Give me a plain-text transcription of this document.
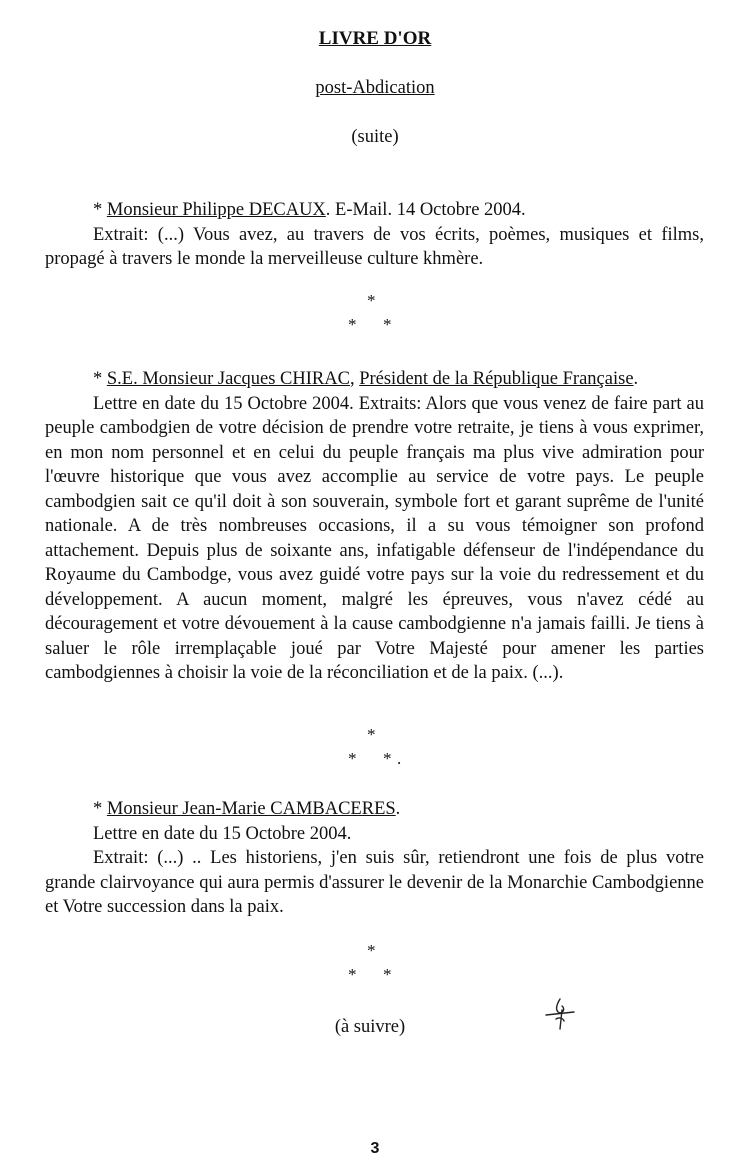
LIVRE D'OR
post-Abdication
(suite)

* Monsieur Philippe DECAUX. E-Mail. 14 Octobre 2004.

Extrait: (...) Vous avez, au travers de vos écrits, poèmes, musiques et films, propagé à travers le monde la merveilleuse culture khmère.

*
* *

* S.E. Monsieur Jacques CHIRAC, Président de la République Française.

Lettre en date du 15 Octobre 2004. Extraits: Alors que vous venez de faire part au peuple cambodgien de votre décision de prendre votre retraite, je tiens à vous exprimer, en mon nom personnel et en celui du peuple français ma plus vive admiration pour l'œuvre historique que vous avez accomplie au service de votre pays. Le peuple cambodgien sait ce qu'il doit à son souverain, symbole fort et garant suprême de l'unité nationale. A de très nombreuses occasions, il a su vous témoigner son profond attachement. Depuis plus de soixante ans, infatigable défenseur de l'indépendance du Royaume du Cambodge, vous avez guidé votre pays sur la voie du redressement et du développement. A aucun moment, malgré les épreuves, vous n'avez cédé au découragement et votre dévouement à la cause cambodgienne n'a jamais failli. Je tiens à saluer le rôle irremplaçable joué par Votre Majesté pour amener les parties cambodgiennes à choisir la voie de la réconciliation et de la paix. (...).

*
* * .

* Monsieur Jean-Marie CAMBACERES.

Lettre en date du 15 Octobre 2004.

Extrait: (...) .. Les historiens, j'en suis sûr, retiendront une fois de plus votre grande clairvoyance qui aura permis d'assurer le devenir de la Monarchie Cambodgienne et Votre succession dans la paix.

*
* *
(à suivre)
3
